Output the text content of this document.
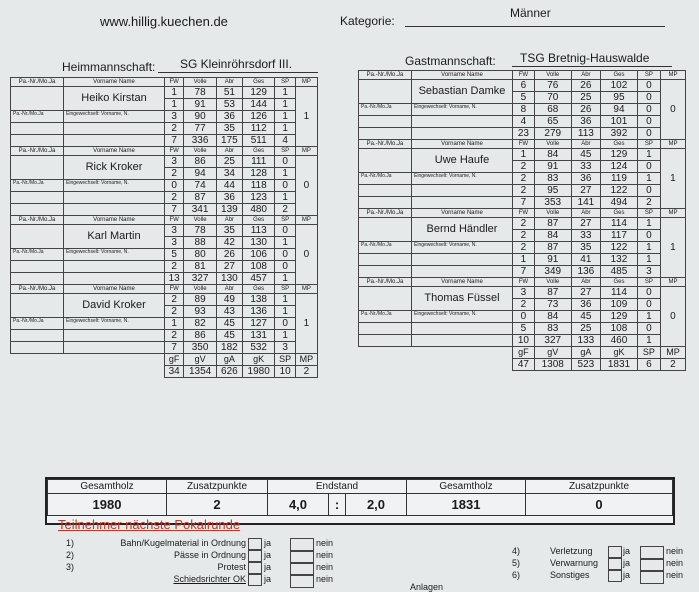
www.hillig.kuechen.de	Kategorie:
Männer
Heimmannschaft: SG Kleinröhrsdorf III.	Gastmannschaft: TSG Bretnig-Hauswalde
Pa.-Nr./Mo.Ja	Vorname Name	FW	Volle	Abr	Ges	SP	MP
	Heiko Kirstan	1	78	51	129	1	1
		1	91	53	144	1	
Pa.-Nr./Mo.Ja	Eingewechselt: Vorname, N.	3	90	36	126	1	
		2	77	35	112	1	
		7	336	175	511	4	
Pa.-Nr./Mo.Ja	Vorname Name	FW	Volle	Abr	Ges	SP	MP
	Rick Kroker	3	86	25	111	0	0
		2	94	34	128	1	
Pa.-Nr./Mo.Ja	Eingewechselt: Vorname, N.	0	74	44	118	0	
		2	87	36	123	1	
		7	341	139	480	2	
Pa.-Nr./Mo.Ja	Vorname Name	FW	Volle	Abr	Ges	SP	MP
	Karl Martin	3	78	35	113	0	0
		3	88	42	130	1	
Pa.-Nr./Mo.Ja	Eingewechselt: Vorname, N.	5	80	26	106	0	
		2	81	27	108	0	
		13	327	130	457	1	
Pa.-Nr./Mo.Ja	Vorname Name	FW	Volle	Abr	Ges	SP	MP
	David Kroker	2	89	49	138	1	1
		2	93	43	136	1	
Pa.-Nr./Mo.Ja	Eingewechselt: Vorname, N.	1	82	45	127	0	
		2	86	45	131	1	
		7	350	182	532	3	
		gF	gV	gA	gK	SP	MP
		34	1354	626	1980	10	2
Pa.-Nr./Mo.Ja	Vorname Name	FW	Volle	Abr	Ges	SP	MP
	Sebastian Damke	6	76	26	102	0	0
		5	70	25	95	0	
Pa.-Nr./Mo.Ja	Eingewechselt: Vorname, N.	8	68	26	94	0	
		4	65	36	101	0	
		23	279	113	392	0	
Pa.-Nr./Mo.Ja	Vorname Name	FW	Volle	Abr	Ges	SP	MP
	Uwe Haufe	1	84	45	129	1	1
		2	91	33	124	0	
Pa.-Nr./Mo.Ja	Eingewechselt: Vorname, N.	2	83	36	119	1	
		2	95	27	122	0	
		7	353	141	494	2	
Pa.-Nr./Mo.Ja	Vorname Name	FW	Volle	Abr	Ges	SP	MP
	Bernd Händler	2	87	27	114	1	1
		2	84	33	117	0	
Pa.-Nr./Mo.Ja	Eingewechselt: Vorname, N.	2	87	35	122	1	
		1	91	41	132	1	
		7	349	136	485	3	
Pa.-Nr./Mo.Ja	Vorname Name	FW	Volle	Abr	Ges	SP	MP
	Thomas Füssel	3	87	27	114	0	0
		2	73	36	109	0	
Pa.-Nr./Mo.Ja	Eingewechselt: Vorname, N.	0	84	45	129	1	
		5	83	25	108	0	
		10	327	133	460	1	
		gF	gV	gA	gK	SP	MP
		47	1308	523	1831	6	2
Gesamtholz	Zusatzpunkte	Endstand			Gesamtholz	Zusatzpunkte
1980	2	4,0	:	2,0	1831	0
Teilnehmer nächste Pokalrunde
1)	Bahn/Kugelmaterial in Ordnung ja	nein
2)	Pässe in Ordnung ja	nein
3)	Protest ja	nein
Schiedsrichter OK ja	nein
4)	Verletzung	ja	nein
5)	Verwarnung	ja	nein
6)	Sonstiges	ja	nein
Anlagen
